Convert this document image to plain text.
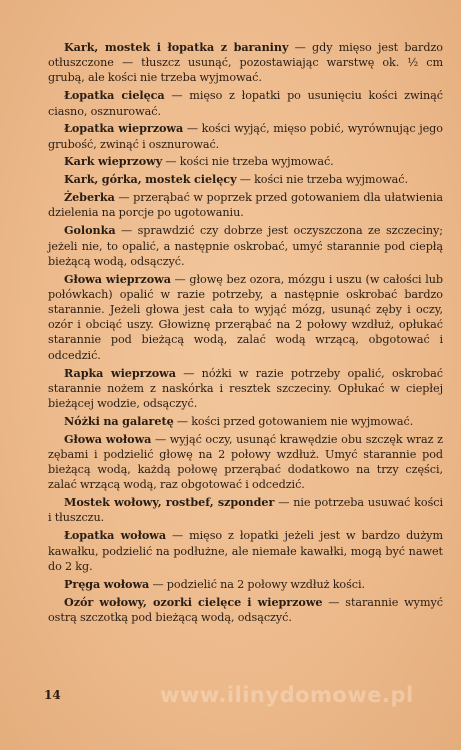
Kark, mostek i łopatka z baraniny — gdy mięso jest bardzo otłuszczone — tłuszcz usunąć, pozostawiając warstwę ok. ½ cm grubą, ale kości nie trzeba wyjmować.

Łopatka cielęca — mięso z łopatki po usunięciu kości zwinąć ciasno, osznurować.

Łopatka wieprzowa — kości wyjąć, mięso pobić, wyrównując jego grubość, zwinąć i osznurować.

Kark wieprzowy — kości nie trzeba wyjmować.

Kark, górka, mostek cielęcy — kości nie trzeba wyjmować.

Żeberka — przerąbać w poprzek przed gotowaniem dla ułatwienia dzielenia na porcje po ugotowaniu.

Golonka — sprawdzić czy dobrze jest oczyszczona ze szczeciny; jeżeli nie, to opalić, a następnie oskrobać, umyć starannie pod ciepłą bieżącą wodą, odsączyć.

Głowa wieprzowa — głowę bez ozora, mózgu i uszu (w całości lub połówkach) opalić w razie potrzeby, a następnie oskrobać bardzo starannie. Jeżeli głowa jest cała to wyjąć mózg, usunąć zęby i oczy, ozór i obciąć uszy. Głowiznę przerąbać na 2 połowy wzdłuż, opłukać starannie pod bieżącą wodą, zalać wodą wrzącą, obgotować i odcedzić.

Rapka wieprzowa — nóżki w razie potrzeby opalić, oskrobać starannie nożem z naskórka i resztek szczeciny. Opłukać w ciepłej bieżącej wodzie, odsączyć.

Nóżki na galaretę — kości przed gotowaniem nie wyjmować.

Głowa wołowa — wyjąć oczy, usunąć krawędzie obu szczęk wraz z zębami i podzielić głowę na 2 połowy wzdłuż. Umyć starannie pod bieżącą wodą, każdą połowę przerąbać dodatkowo na trzy części, zalać wrzącą wodą, raz obgotować i odcedzić.

Mostek wołowy, rostbef, szponder — nie potrzeba usuwać kości i tłuszczu.

Łopatka wołowa — mięso z łopatki jeżeli jest w bardzo dużym kawałku, podzielić na podłużne, ale niemałe kawałki, mogą być nawet do 2 kg.

Pręga wołowa — podzielić na 2 połowy wzdłuż kości.

Ozór wołowy, ozorki cielęce i wieprzowe — starannie wymyć ostrą szczotką pod bieżącą wodą, odsączyć.

14	www.ilinydomowe.pl
